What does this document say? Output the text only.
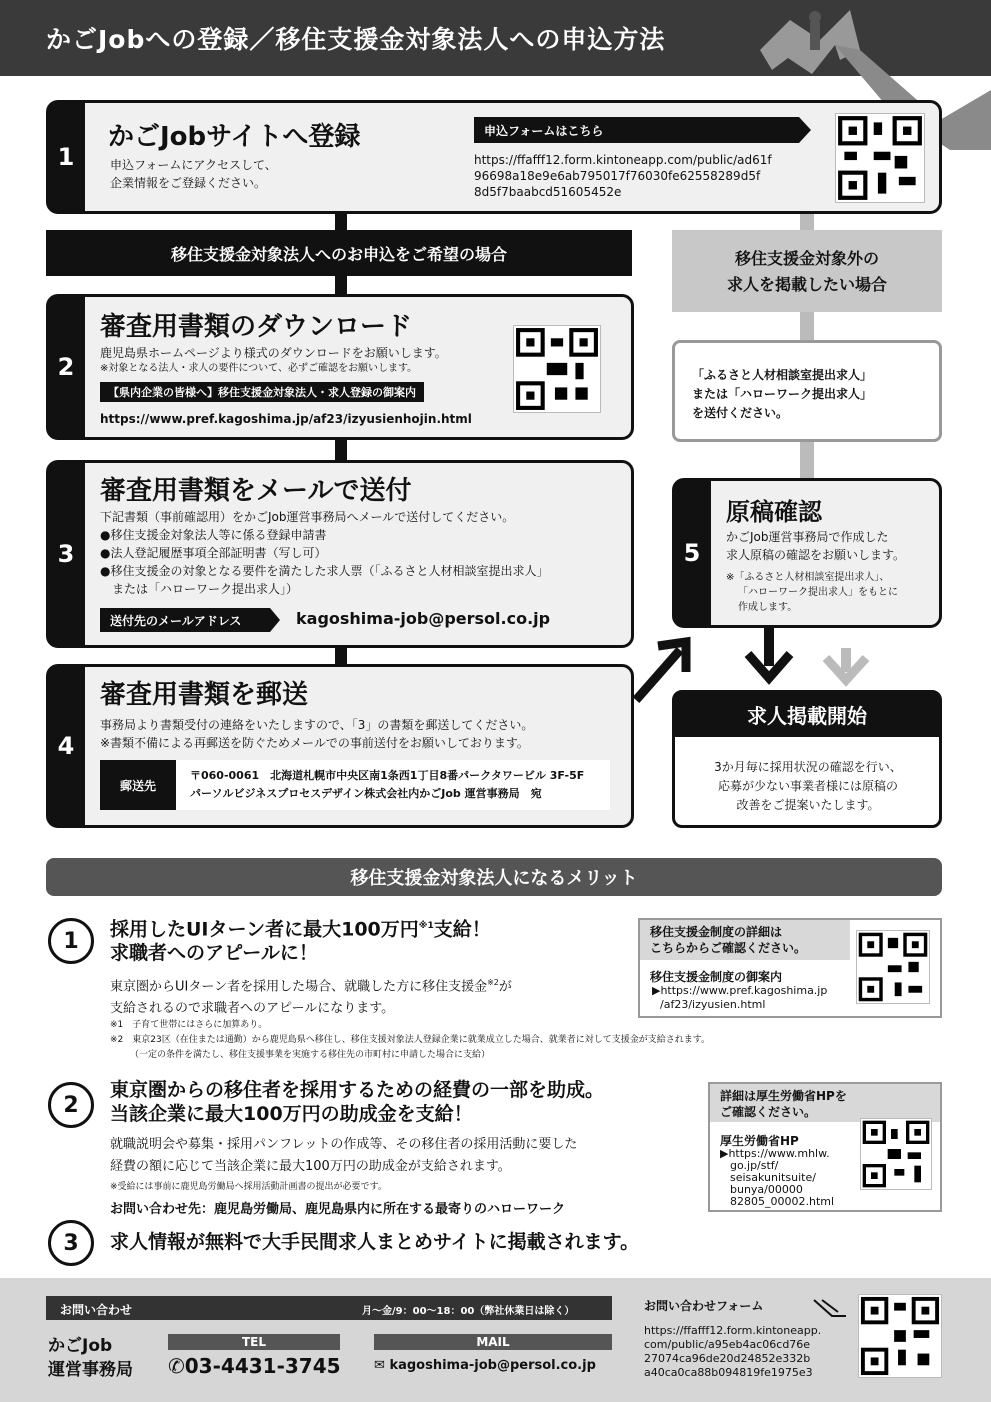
かごJobへの登録／移住支援金対象法人への申込方法
1
かごJobサイトへ登録
申込フォームにアクセスして、
企業情報をご登録ください。
申込フォームはこちら
https://ffafff12.form.kintoneapp.com/public/ad61f
96698a18e9e6ab795017f76030fe62558289d5f
8d5f7baabcd51605452e
移住支援金対象法人へのお申込をご希望の場合	移住支援金対象外の
求人を掲載したい場合
2
審査用書類のダウンロード
鹿児島県ホームページより様式のダウンロードをお願いします。
※対象となる法人・求人の要件について、必ずご確認をお願いします。
【県内企業の皆様へ】移住支援金対象法人・求人登録の御案内
https://www.pref.kagoshima.jp/af23/izyusienhojin.html
「ふるさと人材相談室提出求人」
または「ハローワーク提出求人」
を送付ください。
3
審査用書類をメールで送付
下記書類（事前確認用）をかごJob運営事務局へメールで送付してください。
●移住支援金対象法人等に係る登録申請書
●法人登記履歴事項全部証明書（写し可）
●移住支援金の対象となる要件を満たした求人票（「ふるさと人材相談室提出求人」
または「ハローワーク提出求人」）
送付先のメールアドレス	kagoshima-job@persol.co.jp
5
原稿確認
かごJob運営事務局で作成した
求人原稿の確認をお願いします。
※「ふるさと人材相談室提出求人」、
「ハローワーク提出求人」をもとに
作成します。
4
審査用書類を郵送
事務局より書類受付の連絡をいたしますので、「3」の書類を郵送してください。
※書類不備による再郵送を防ぐためメールでの事前送付をお願いしております。
郵送先
〒060-0061　北海道札幌市中央区南1条西1丁目8番パークタワービル 3F-5F
パーソルビジネスプロセスデザイン株式会社内かごJob 運営事務局　宛
求人掲載開始
3か月毎に採用状況の確認を行い、
応募が少ない事業者様には原稿の
改善をご提案いたします。
移住支援金対象法人になるメリット
1	採用したUIターン者に最大100万円$^{※1}$支給！
求職者へのアピールに！
東京圏からUIターン者を採用した場合、就職した方に移住支援金$^{※2}$が
支給されるので求職者へのアピールになります。
※1　子育て世帯にはさらに加算あり。
※2　東京23区（在住または通勤）から鹿児島県へ移住し、移住支援対象法人登録企業に就業成立した場合、就業者に対して支援金が支給されます。
（一定の条件を満たし、移住支援事業を実施する移住先の市町村に申請した場合に支給）
移住支援金制度の詳細は
こちらからご確認ください。
移住支援金制度の御案内
▶https://www.pref.kagoshima.jp
/af23/izyusien.html
2
東京圏からの移住者を採用するための経費の一部を助成。
当該企業に最大100万円の助成金を支給！
就職説明会や募集・採用パンフレットの作成等、その移住者の採用活動に要した
経費の額に応じて当該企業に最大100万円の助成金が支給されます。
※受給には事前に鹿児島労働局へ採用活動計画書の提出が必要です。
お問い合わせ先：鹿児島労働局、鹿児島県内に所在する最寄りのハローワーク
詳細は厚生労働省HPを
ご確認ください。
厚生労働省HP
▶https://www.mhlw.
go.jp/stf/
seisakunitsuite/
bunya/00000
82805_00002.html
3	求人情報が無料で大手民間求人まとめサイトに掲載されます。
お問い合わせ	月～金/9：00～18：00（弊社休業日は除く）
かごJob
運営事務局
TEL
✆03-4431-3745
MAIL
✉ kagoshima-job@persol.co.jp
お問い合わせフォーム
https://ffafff12.form.kintoneapp.
com/public/a95eb4ac06cd76e
27074ca96de20d24852e332b
a40ca0ca88b094819fe1975e3
